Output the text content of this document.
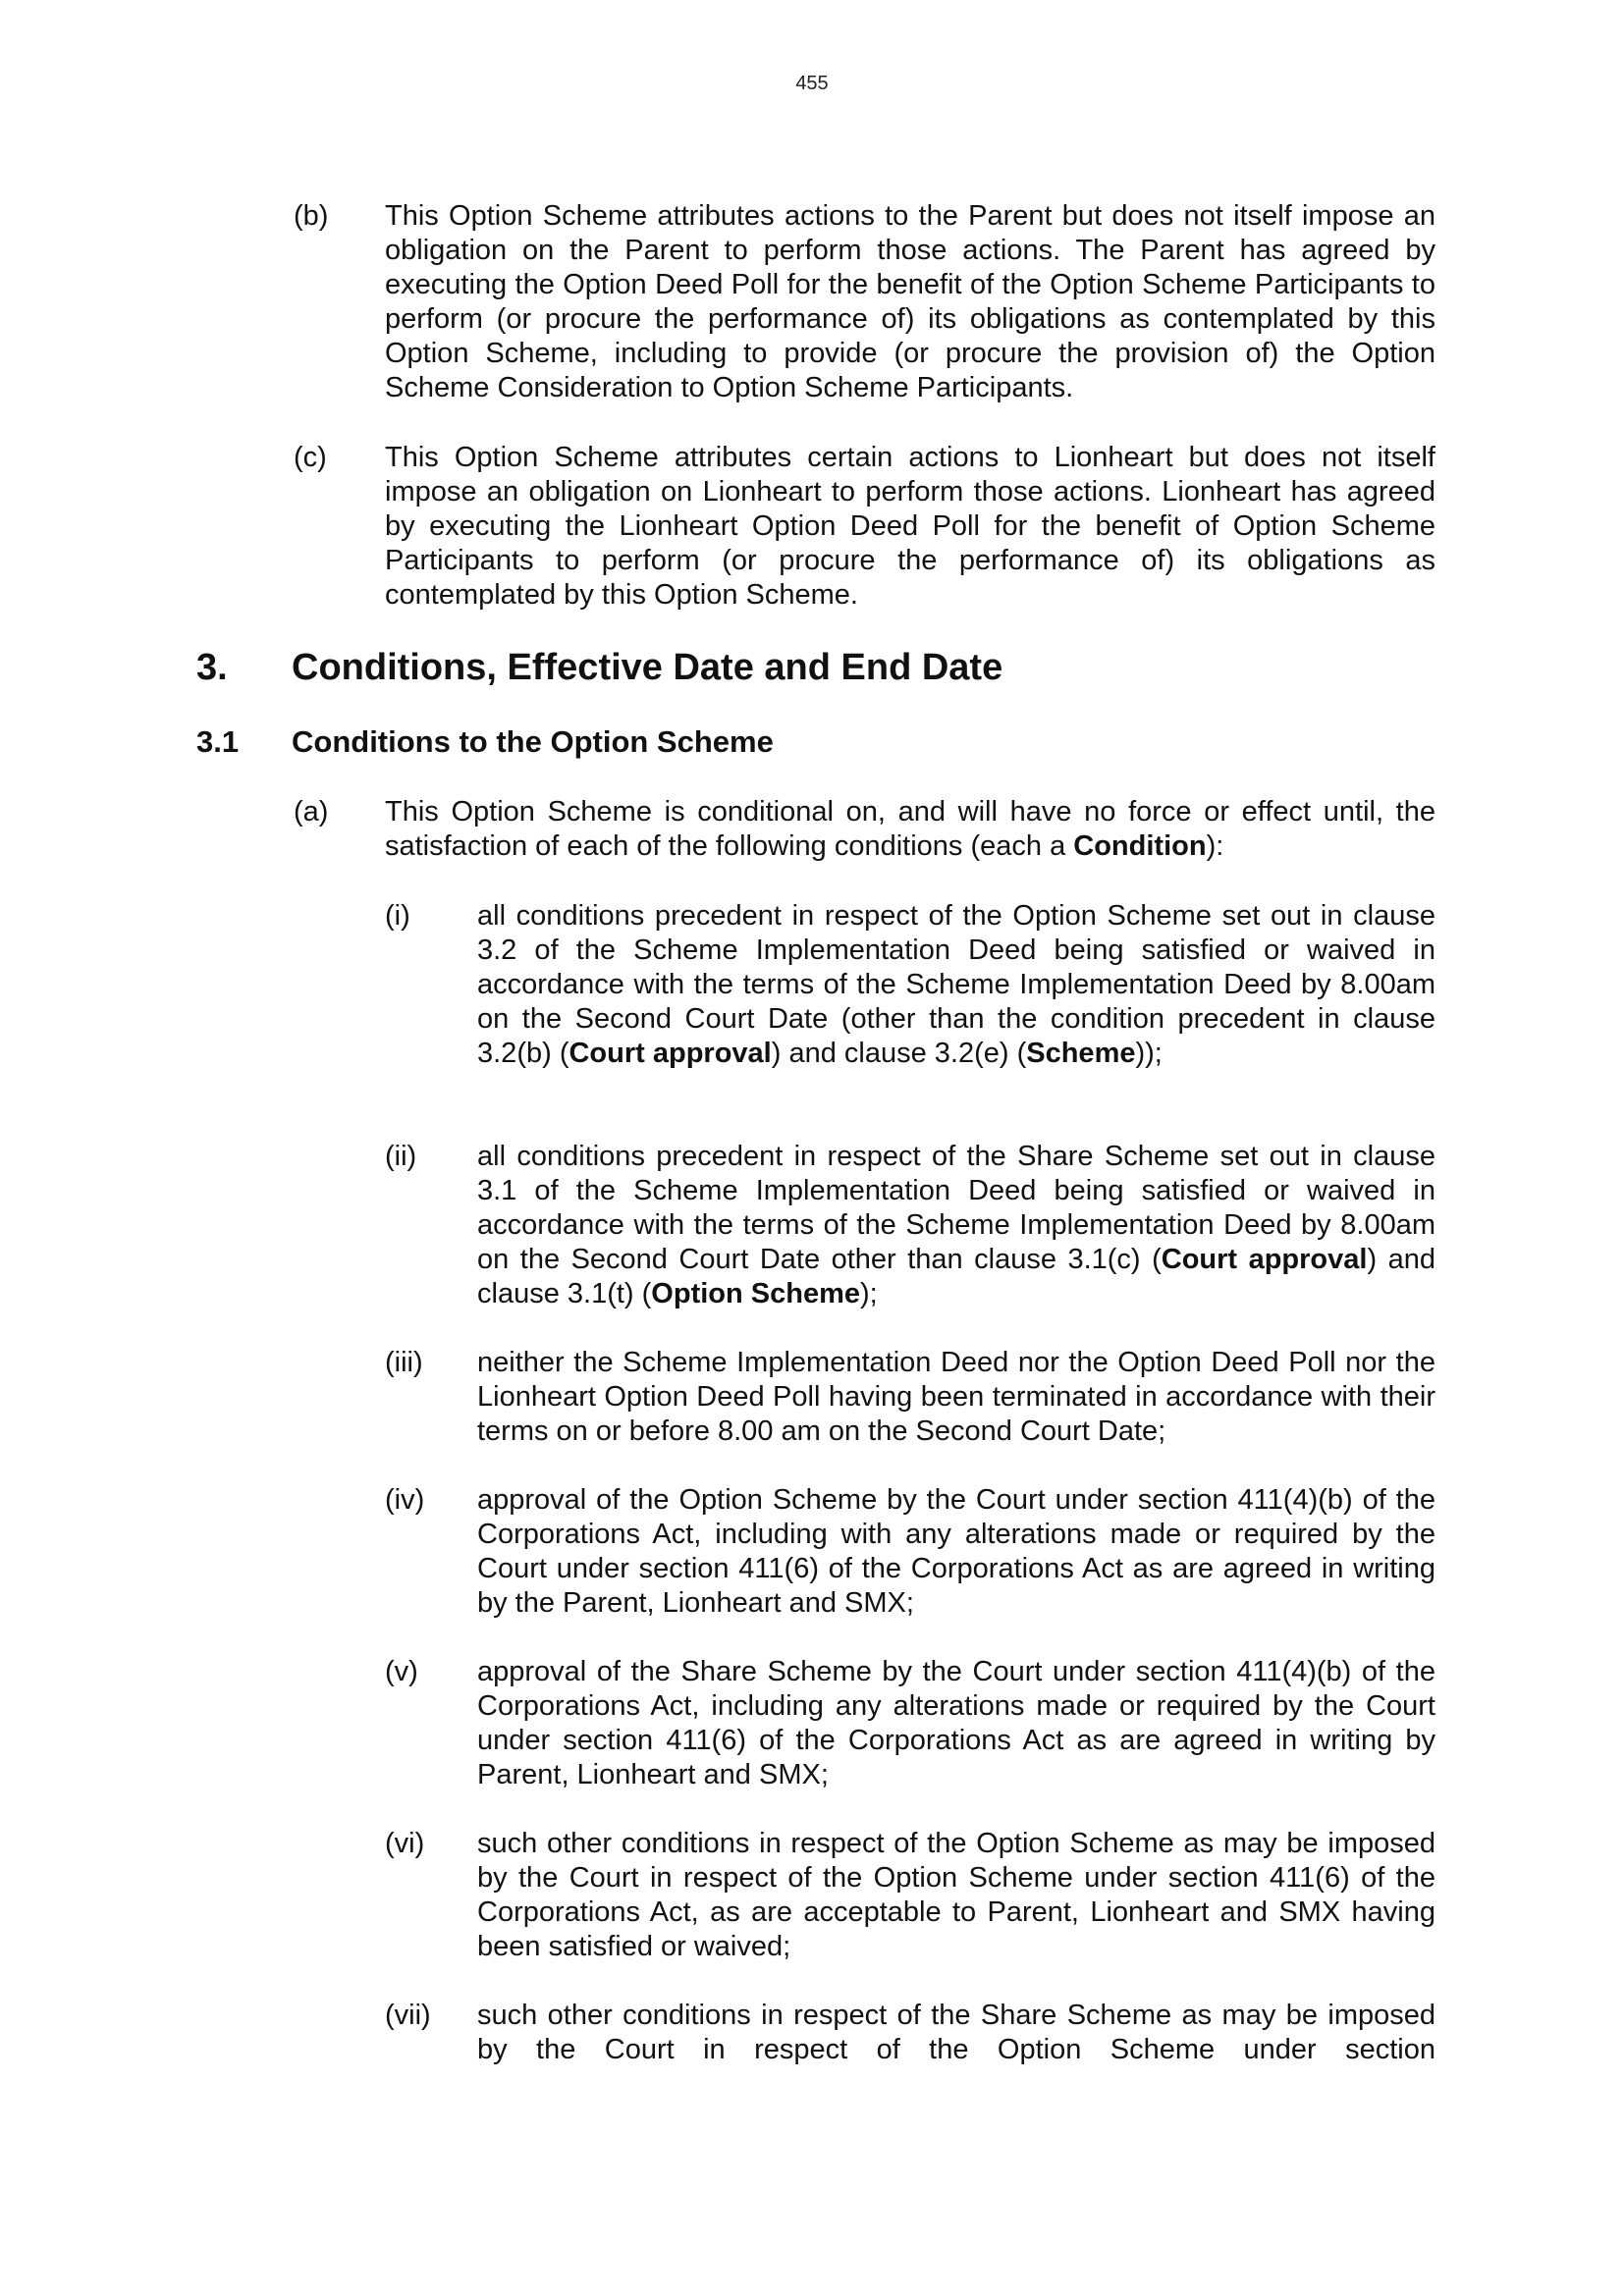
455
(b) This Option Scheme attributes actions to the Parent but does not itself impose an obligation on the Parent to perform those actions. The Parent has agreed by executing the Option Deed Poll for the benefit of the Option Scheme Participants to perform (or procure the performance of) its obligations as contemplated by this Option Scheme, including to provide (or procure the provision of) the Option Scheme Consideration to Option Scheme Participants.
(c) This Option Scheme attributes certain actions to Lionheart but does not itself impose an obligation on Lionheart to perform those actions. Lionheart has agreed by executing the Lionheart Option Deed Poll for the benefit of Option Scheme Participants to perform (or procure the performance of) its obligations as contemplated by this Option Scheme.
3. Conditions, Effective Date and End Date
3.1 Conditions to the Option Scheme
(a) This Option Scheme is conditional on, and will have no force or effect until, the satisfaction of each of the following conditions (each a Condition):
(i) all conditions precedent in respect of the Option Scheme set out in clause 3.2 of the Scheme Implementation Deed being satisfied or waived in accordance with the terms of the Scheme Implementation Deed by 8.00am on the Second Court Date (other than the condition precedent in clause 3.2(b) (Court approval) and clause 3.2(e) (Scheme));
(ii) all conditions precedent in respect of the Share Scheme set out in clause 3.1 of the Scheme Implementation Deed being satisfied or waived in accordance with the terms of the Scheme Implementation Deed by 8.00am on the Second Court Date other than clause 3.1(c) (Court approval) and clause 3.1(t) (Option Scheme);
(iii) neither the Scheme Implementation Deed nor the Option Deed Poll nor the Lionheart Option Deed Poll having been terminated in accordance with their terms on or before 8.00 am on the Second Court Date;
(iv) approval of the Option Scheme by the Court under section 411(4)(b) of the Corporations Act, including with any alterations made or required by the Court under section 411(6) of the Corporations Act as are agreed in writing by the Parent, Lionheart and SMX;
(v) approval of the Share Scheme by the Court under section 411(4)(b) of the Corporations Act, including any alterations made or required by the Court under section 411(6) of the Corporations Act as are agreed in writing by Parent, Lionheart and SMX;
(vi) such other conditions in respect of the Option Scheme as may be imposed by the Court in respect of the Option Scheme under section 411(6) of the Corporations Act, as are acceptable to Parent, Lionheart and SMX having been satisfied or waived;
(vii) such other conditions in respect of the Share Scheme as may be imposed by the Court in respect of the Option Scheme under section
